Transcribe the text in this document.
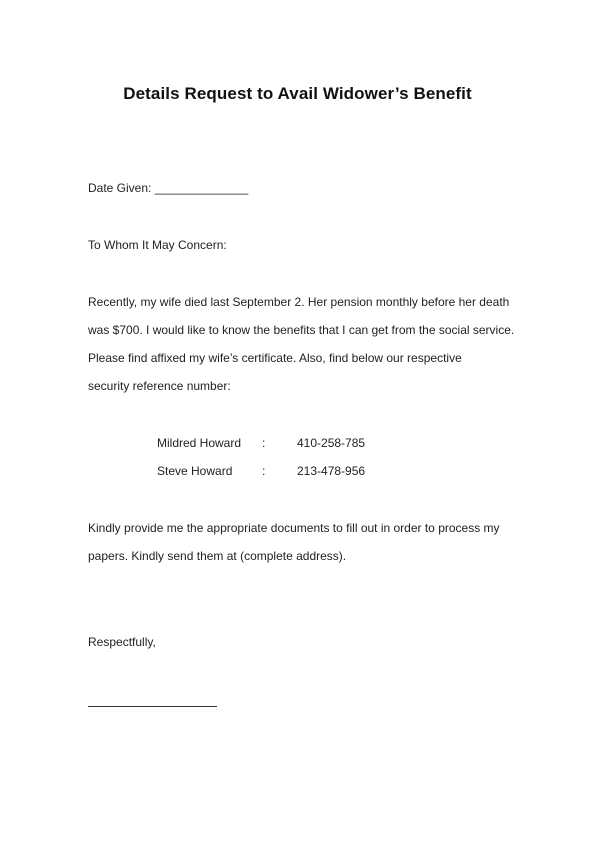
Details Request to Avail Widower’s Benefit
Date Given: ______________
To Whom It May Concern:
Recently, my wife died last September 2. Her pension monthly before her death
was $700. I would like to know the benefits that I can get from the social service.
Please find affixed my wife’s certificate. Also, find below our respective
security reference number:
Mildred Howard :	410-258-785
Steve Howard :	213-478-956
Kindly provide me the appropriate documents to fill out in order to process my
papers. Kindly send them at (complete address).
Respectfully,
